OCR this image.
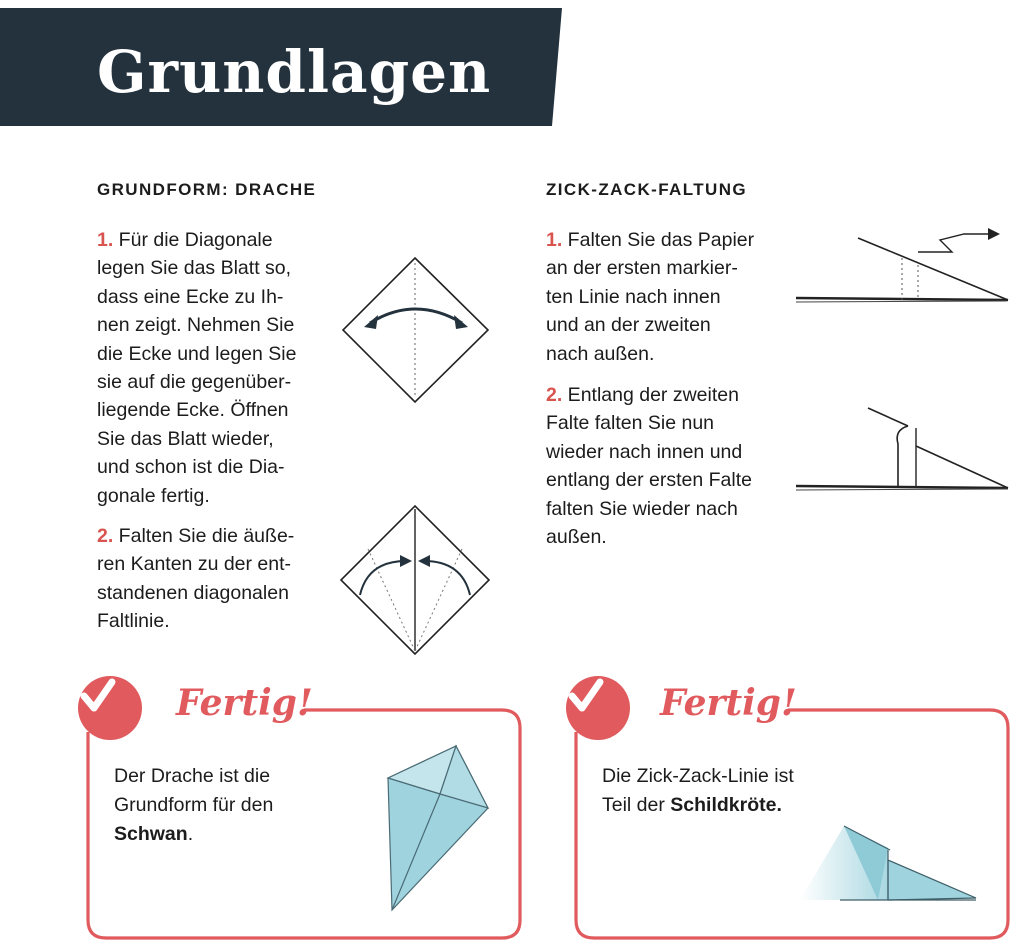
Grundlagen
GRUNDFORM: DRACHE

1. Für die Diagonale
legen Sie das Blatt so,
dass eine Ecke zu Ih-
nen zeigt. Nehmen Sie
die Ecke und legen Sie
sie auf die gegenüber-
liegende Ecke. Öffnen
Sie das Blatt wieder,
und schon ist die Dia-
gonale fertig.

2. Falten Sie die äuße-
ren Kanten zu der ent-
standenen diagonalen
Faltlinie.

ZICK-ZACK-FALTUNG

1. Falten Sie das Papier
an der ersten markier-
ten Linie nach innen
und an der zweiten
nach außen.

2. Entlang der zweiten
Falte falten Sie nun
wieder nach innen und
entlang der ersten Falte
falten Sie wieder nach
außen.

Fertig!

Der Drache ist die
Grundform für den
Schwan.

Fertig!

Die Zick-Zack-Linie ist
Teil der Schildkröte.
